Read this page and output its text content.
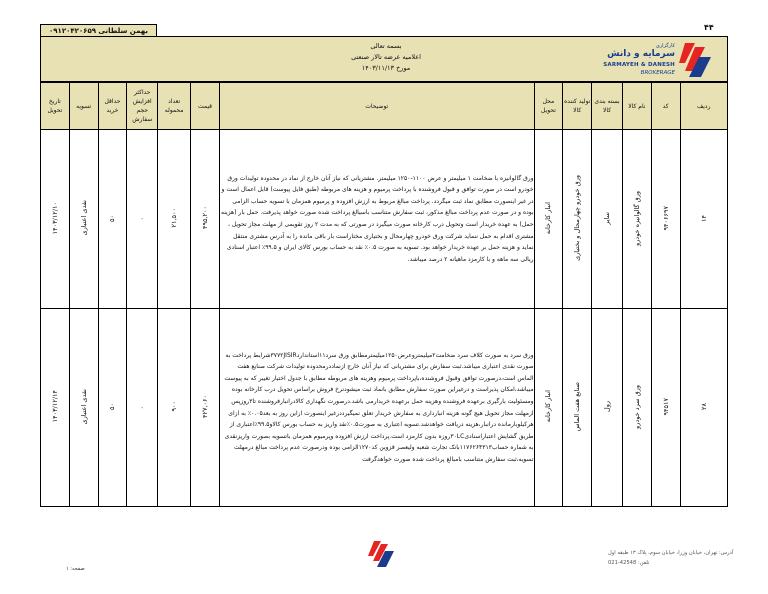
۴۴
بهمن سلطانی ۰۹۱۲۰۴۲۰۶۵۹
بسمه تعالی
اعلامیه عرضه تالار صنعتی
مورخ ۱۴۰۳/۱۱/۱۳
کارگزاری
سرمایه و دانش
SARMAYEH & DANESH
BROKERAGE
تاریخ تحویل	تسویه	حداقل خرید	حداکثر افزایش حجم سفارش	تعداد محموله	قیمت	توضیحات	محل تحویل	تولید کننده کالا	بسته بندی کالا	نام کالا	کد	ردیف
۱۴۰۳/۱۲/۱۰	نقدی اعتباری	۵۰	۰	۲۱,۵۰۰	۴۹۵,۲۰۰	ورق گالوانیزه با ضخامت ۱ میلیمتر و عرض ۱۱۰۰-۱۲۵۰ میلیمتر. مشتریانی که نیاز آنان خارج از نماد در محدوده تولیدات ورق خودرو است در صورت توافق و قبول فروشنده با پرداخت پرمیوم و هزینه های مربوطه (طبق فایل پیوست) قابل اعمال است و در غیر اینصورت مطابق نماد ثبت میگردد. پرداخت مبالغ مربوط به ارزش افزوده و پرمیوم همزمان با تسویه حساب الزامی بوده و در صورت عدم پرداخت مبالغ مذکور، ثبت سفارش متناسب باسیالغ پرداخت شده صورت خواهد پذیرفت. حمل بار (هزینه حمل) به عهده خریدار است وتحویل درب کارخانه صورت میگیرد در صورتی که به مدت ۲ روز تقویمی از مهلت مجاز تحویل ، مشتری اقدام به حمل ننماید شرکت ورق خودرو چهارمحال و بختیاری مختاراست بار باقی مانده را به آدرس مشتری منتقل نماید و هزینه حمل بر عهده خریدار خواهد بود. تسویه به صورت ۰.۵٪ نقد به حساب بورس کالای ایران و ۹۹.۵٪ اعتبار اسنادی ریالی سه ماهه و با کارمزد ماهیانه ۲ درصد میباشد.	انبار کارخانه	ورق خودرو چهارمحال و بختیاری	سایر	ورق گالوانیزه خودرو	۹۴۰۶۶۹۷	۱۴
۱۴۰۳/۱۲/۱۴	نقدی اعتباری	۵۰	۰	۹۰۰	۴۲۷,۰۶۰	ورق سرد به صورت کلاف سرد ضخامت۲میلیمتروعرض۱۲۵۰میلیمترمطابق ورق سرد۱۱استاندارد۳۷۷۲JISIRشرایط پرداخت به صورت نقدی اعتباری میباشد.ثبت سفارش برای مشتریانی که نیاز آنان خارج ازنماددرمحدوده تولیدات شرکت صنایع هفت الماس است،درصورت توافق وقبول فروشنده،باپرداخت پرمیوم وهزینه های مربوطه مطابق با جدول اختیار تغییر که به پیوست میباشد،امکان پذیراست و درغیراین صورت سفارش مطابق بانماد ثبت میشودنرخ فروش براساس تحویل درب کارخانه بوده ومسئولیت بارگیری برعهده فروشنده وهزینه حمل برعهده خریدارمی باشد.درصورت نگهداری کالادرانبارفروشنده تا۳روزپس ازمهلت مجاز تحویل هیچ گونه هزینه انبارداری به سفارش خریدار تعلق نمیگیرددرغیر اینصورت ازاین روز به بعد۰.۰۵٪ به ازای هرکیلوبارمانده درانبار،هزینه دریافت خواهدشد.تسویه اعتباری به صورت۰.۵٪نقد واریز به حساب بورس کالاو۹۹.۵٪اعتباری از طریق گشایش اعتباراسنادی۳۰LCروزه بدون کارمزد است.پرداخت ارزش افزوده وپرمیوم همزمان باتسویه بصورت واریزنقدی به شماره حساب۱۱۷۶۲۶۴۳۱۳بانک تجارت شعبه ولیعصر قزوین کد۱۲۷۰الزامی بوده ودرصورت عدم پرداخت مبالغ درمهلت تسویه،ثبت سفارش متناسب بامبالغ پرداخت شده صورت خواهدگرفت	انبار کارخانه	صنایع هفت الماس	رول	ورق سرد خودرو	۹۴۵۱۷	۲۸
آدرس: تهران، خیابان وزرا، خیابان سوم، پلاک ۱۳ طبقه اول
تلفن: 42548-021
صفحه: ۱
